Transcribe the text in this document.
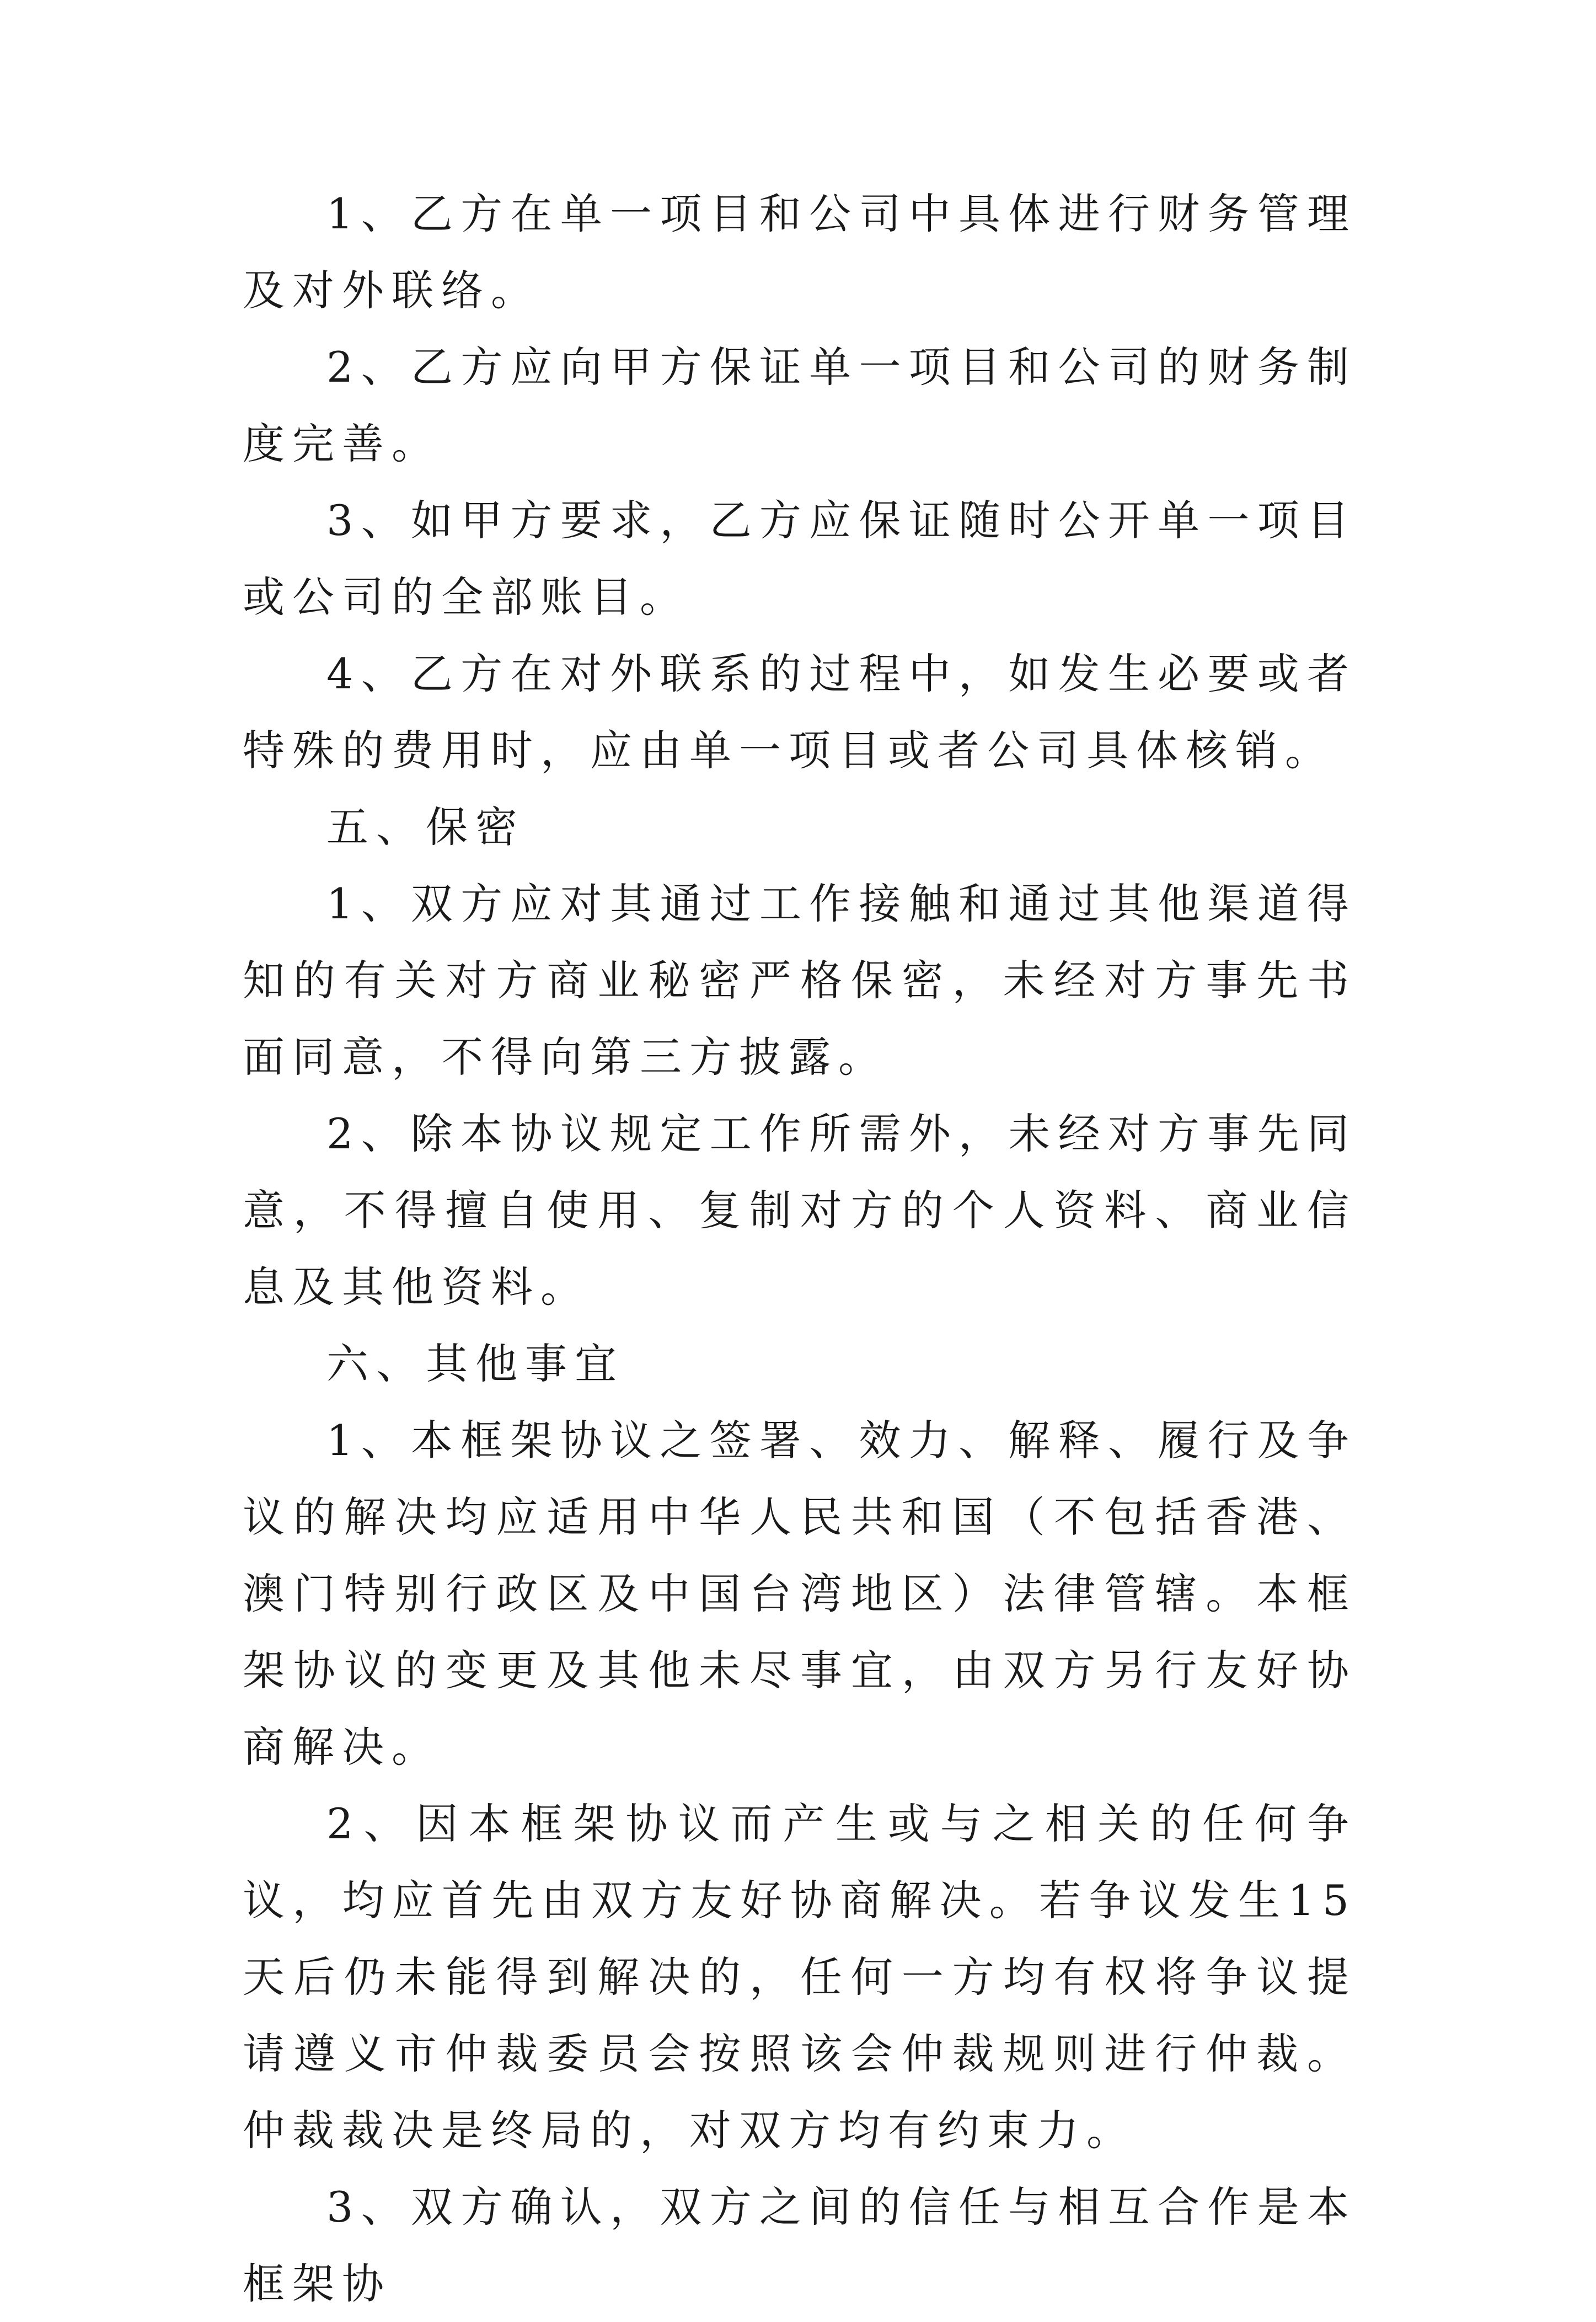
1、乙方在单一项目和公司中具体进行财务管理及对外联络。

2、乙方应向甲方保证单一项目和公司的财务制度完善。

3、如甲方要求，乙方应保证随时公开单一项目或公司的全部账目。

4、乙方在对外联系的过程中，如发生必要或者特殊的费用时，应由单一项目或者公司具体核销。

五、保密

1、双方应对其通过工作接触和通过其他渠道得知的有关对方商业秘密严格保密，未经对方事先书面同意，不得向第三方披露。

2、除本协议规定工作所需外，未经对方事先同意，不得擅自使用、复制对方的个人资料、商业信息及其他资料。

六、其他事宜

1、本框架协议之签署、效力、解释、履行及争议的解决均应适用中华人民共和国（不包括香港、澳门特别行政区及中国台湾地区）法律管辖。本框架协议的变更及其他未尽事宜，由双方另行友好协商解决。

2、因本框架协议而产生或与之相关的任何争议，均应首先由双方友好协商解决。若争议发生15天后仍未能得到解决的，任何一方均有权将争议提请遵义市仲裁委员会按照该会仲裁规则进行仲裁。仲裁裁决是终局的，对双方均有约束力。

3、双方确认，双方之间的信任与相互合作是本框架协
